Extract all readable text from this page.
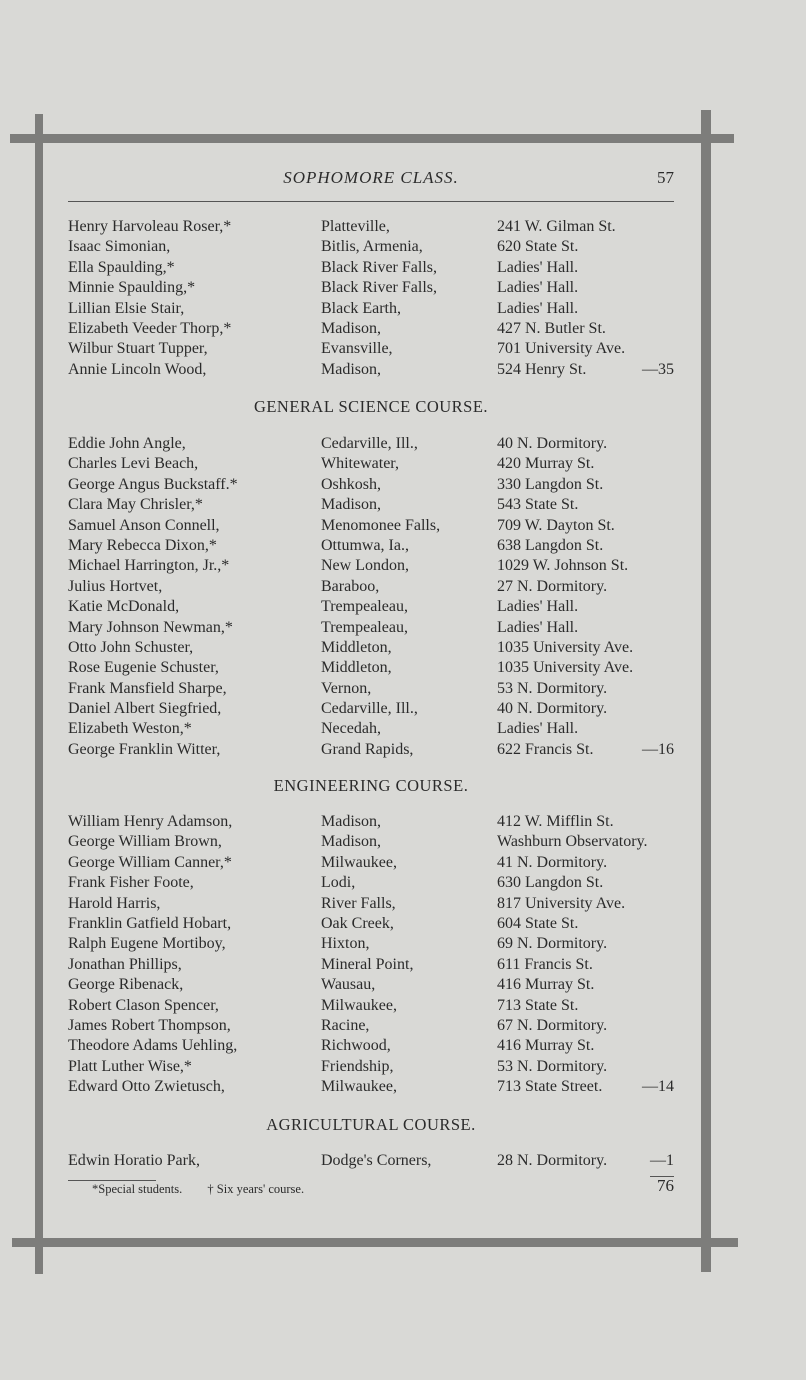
SOPHOMORE CLASS.	57
Henry Harvoleau Roser,*	Platteville,	241 W. Gilman St.
Isaac Simonian,	Bitlis, Armenia,	620 State St.
Ella Spaulding,*	Black River Falls,	Ladies' Hall.
Minnie Spaulding,*	Black River Falls,	Ladies' Hall.
Lillian Elsie Stair,	Black Earth,	Ladies' Hall.
Elizabeth Veeder Thorp,*	Madison,	427 N. Butler St.
Wilbur Stuart Tupper,	Evansville,	701 University Ave.
Annie Lincoln Wood,	Madison,	524 Henry St.	—35
GENERAL SCIENCE COURSE.
Eddie John Angle,	Cedarville, Ill.,	40 N. Dormitory.
Charles Levi Beach,	Whitewater,	420 Murray St.
George Angus Buckstaff.*	Oshkosh,	330 Langdon St.
Clara May Chrisler,*	Madison,	543 State St.
Samuel Anson Connell,	Menomonee Falls,	709 W. Dayton St.
Mary Rebecca Dixon,*	Ottumwa, Ia.,	638 Langdon St.
Michael Harrington, Jr.,*	New London,	1029 W. Johnson St.
Julius Hortvet,	Baraboo,	27 N. Dormitory.
Katie McDonald,	Trempealeau,	Ladies' Hall.
Mary Johnson Newman,*	Trempealeau,	Ladies' Hall.
Otto John Schuster,	Middleton,	1035 University Ave.
Rose Eugenie Schuster,	Middleton,	1035 University Ave.
Frank Mansfield Sharpe,	Vernon,	53 N. Dormitory.
Daniel Albert Siegfried,	Cedarville, Ill.,	40 N. Dormitory.
Elizabeth Weston,*	Necedah,	Ladies' Hall.
George Franklin Witter,	Grand Rapids,	622 Francis St.	—16
ENGINEERING COURSE.
William Henry Adamson,	Madison,	412 W. Mifflin St.
George William Brown,	Madison,	Washburn Observatory.
George William Canner,*	Milwaukee,	41 N. Dormitory.
Frank Fisher Foote,	Lodi,	630 Langdon St.
Harold Harris,	River Falls,	817 University Ave.
Franklin Gatfield Hobart,	Oak Creek,	604 State St.
Ralph Eugene Mortiboy,	Hixton,	69 N. Dormitory.
Jonathan Phillips,	Mineral Point,	611 Francis St.
George Ribenack,	Wausau,	416 Murray St.
Robert Clason Spencer,	Milwaukee,	713 State St.
James Robert Thompson,	Racine,	67 N. Dormitory.
Theodore Adams Uehling,	Richwood,	416 Murray St.
Platt Luther Wise,*	Friendship,	53 N. Dormitory.
Edward Otto Zwietusch,	Milwaukee,	713 State Street. —14
AGRICULTURAL COURSE.
Edwin Horatio Park,	Dodge's Corners,	28 N. Dormitory.	—1
*Special students. † Six years' course.	76
